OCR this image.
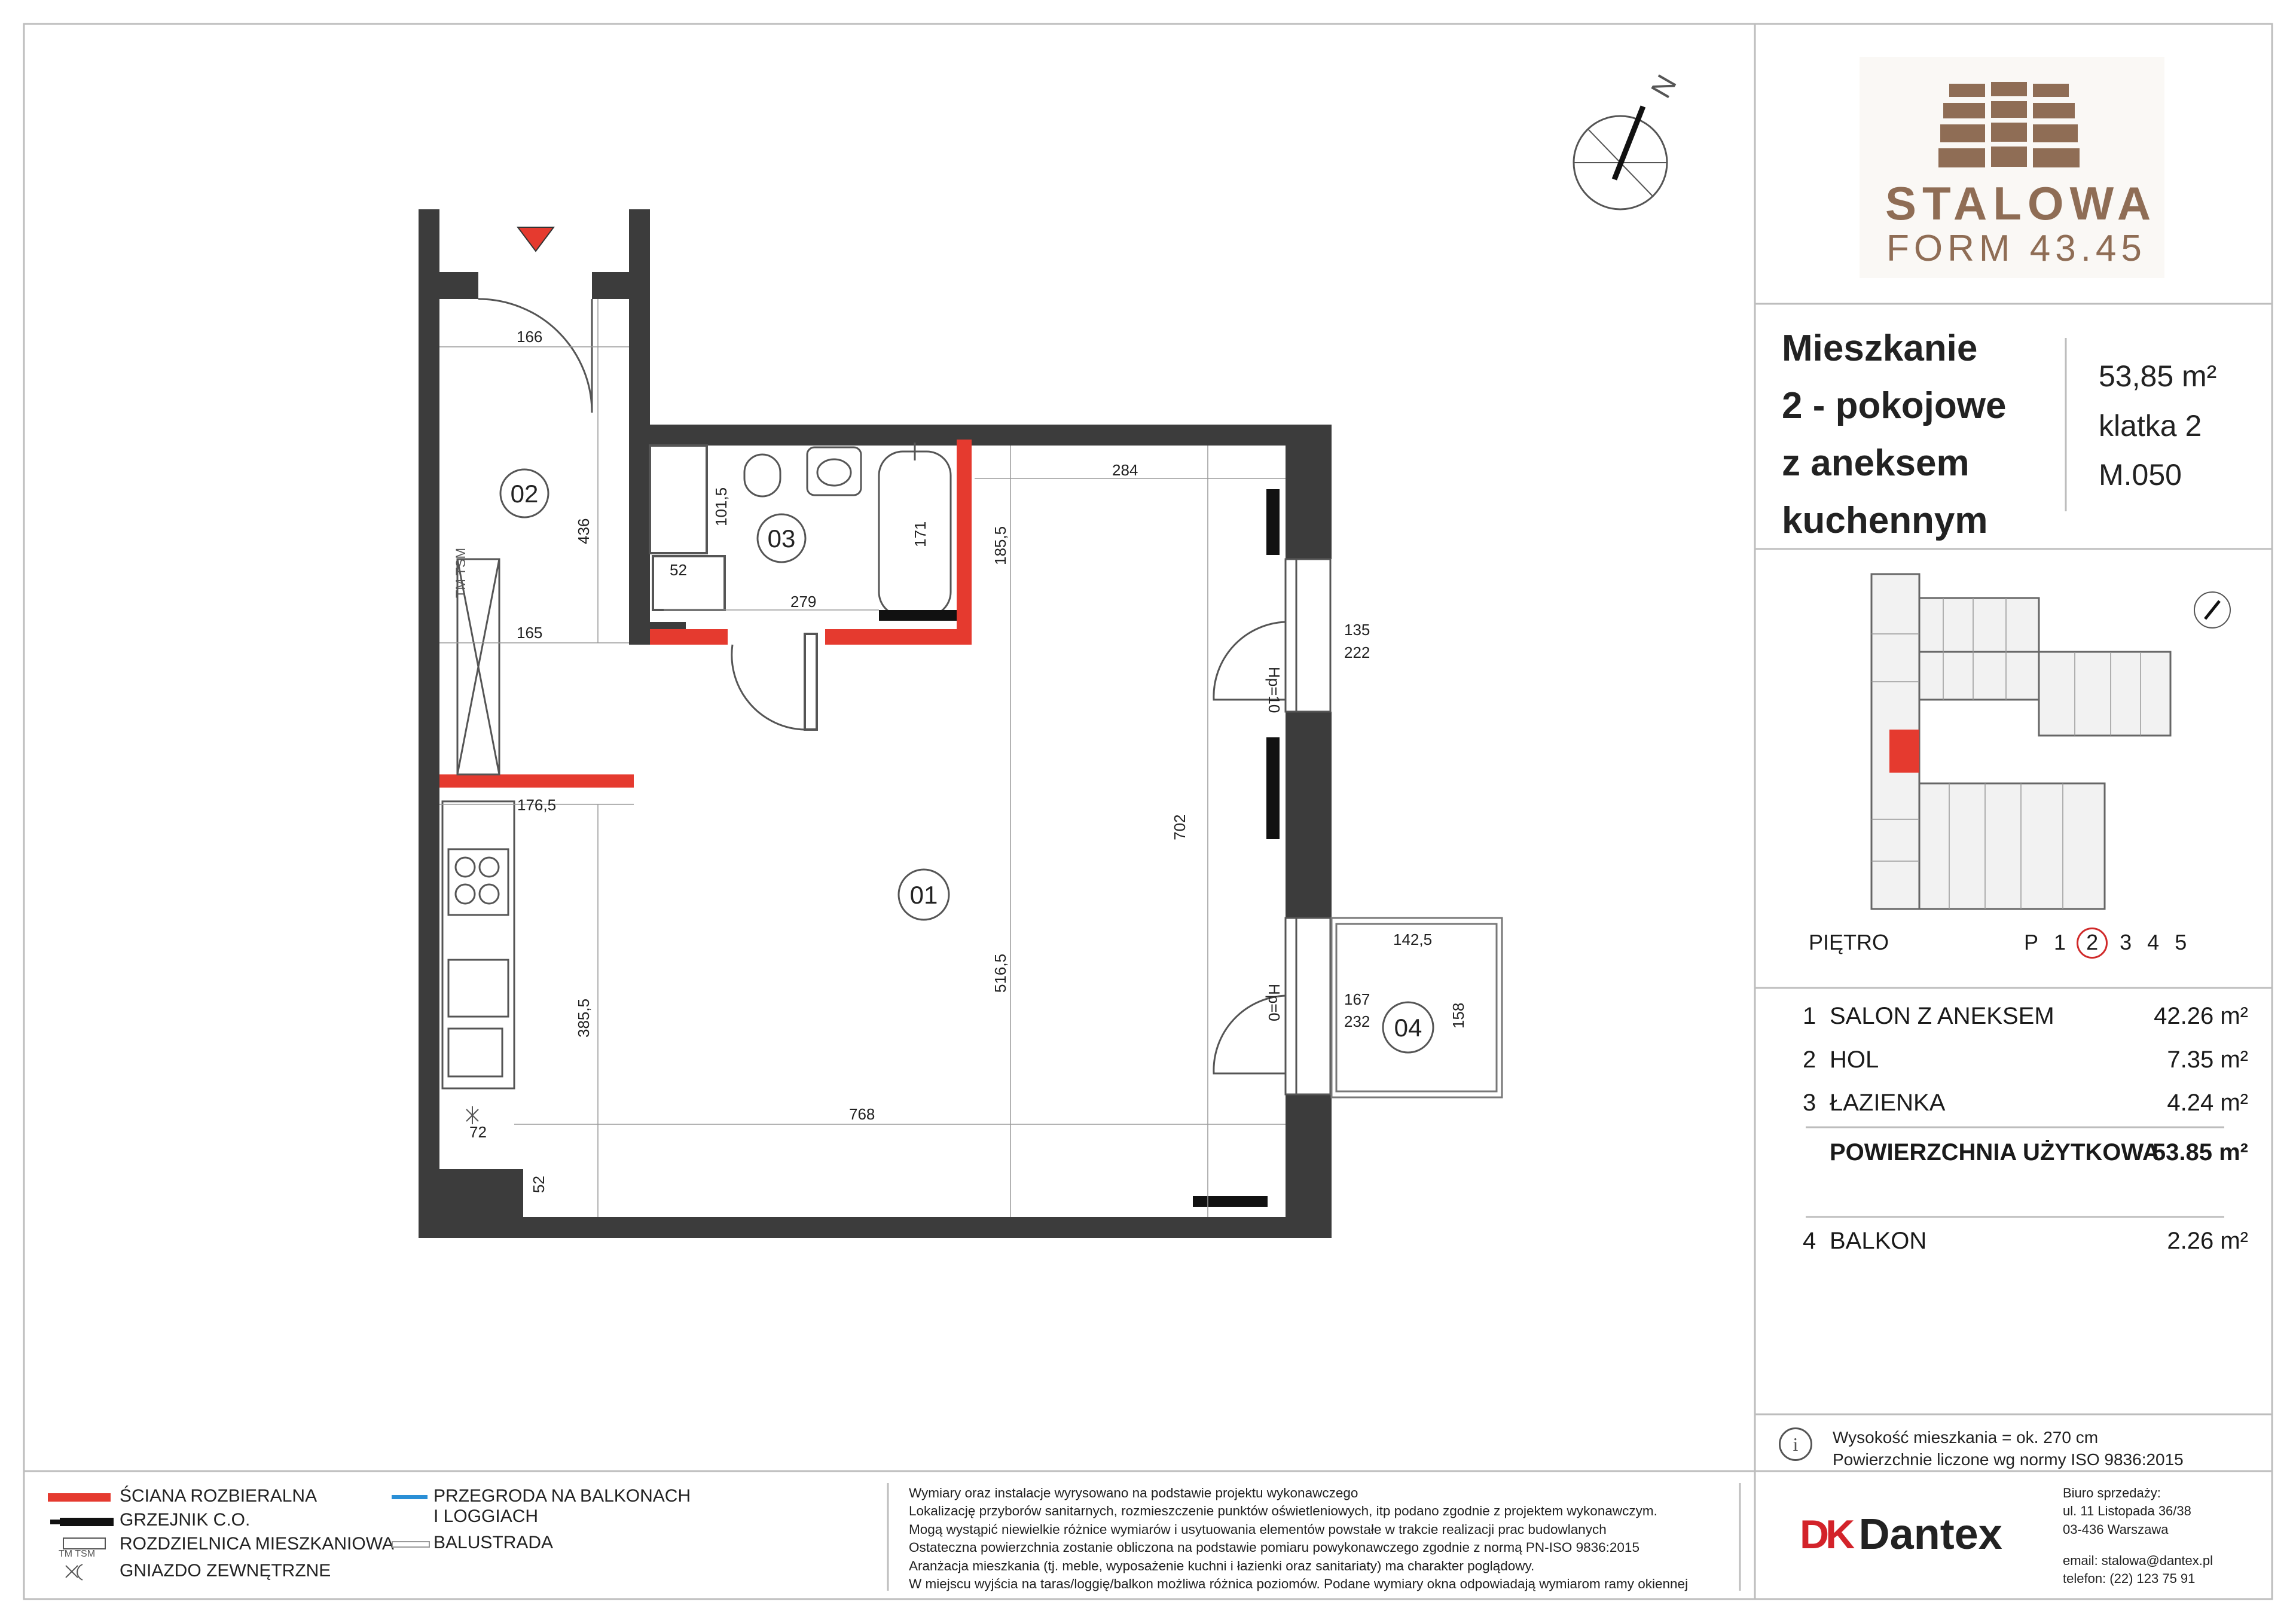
N
02
03
01
04
166
436
165
176,5
385,5
72
52
52
101,5
279
171	185,5
284
516,5
702
768
135
222
142,5
167
232	158
Hp=10
Hp=0
TM TSM
STALOWA
FORM 43.45
Mieszkanie
2 - pokojowe
z aneksem
kuchennym
53,85 m²
klatka 2
M.050
PIĘTRO	P 1 2 3 4 5
1 SALON Z ANEKSEM	42.26 m²
2 HOL	7.35 m²
3 ŁAZIENKA	4.24 m²
POWIERZCHNIA UŻYTKOWA
53.85 m²
4 BALKON	2.26 m²
i	Wysokość mieszkania = ok. 270 cm
Powierzchnie liczone wg normy ISO 9836:2015
ŚCIANA ROZBIERALNA
GRZEJNIK C.O.
TM TSM
ROZDZIELNICA MIESZKANIOWA
GNIAZDO ZEWNĘTRZNE
PRZEGRODA NA BALKONACH
I LOGGIACH
BALUSTRADA
Wymiary oraz instalacje wyrysowano na podstawie projektu wykonawczego
Lokalizację przyborów sanitarnych, rozmieszczenie punktów oświetleniowych, itp podano zgodnie z projektem wykonawczym.
Mogą wystąpić niewielkie różnice wymiarów i usytuowania elementów powstałe w trakcie realizacji prac budowlanych
Ostateczna powierzchnia zostanie obliczona na podstawie pomiaru powykonawczego zgodnie z normą PN-ISO 9836:2015
Aranżacja mieszkania (tj. meble, wyposażenie kuchni i łazienki oraz sanitariaty) ma charakter poglądowy.
W miejscu wyjścia na taras/loggię/balkon możliwa różnica poziomów. Podane wymiary okna odpowiadają wymiarom ramy okiennej
DK Dantex
Biuro sprzedaży:
ul. 11 Listopada 36/38
03-436 Warszawa
email: stalowa@dantex.pl
telefon: (22) 123 75 91
